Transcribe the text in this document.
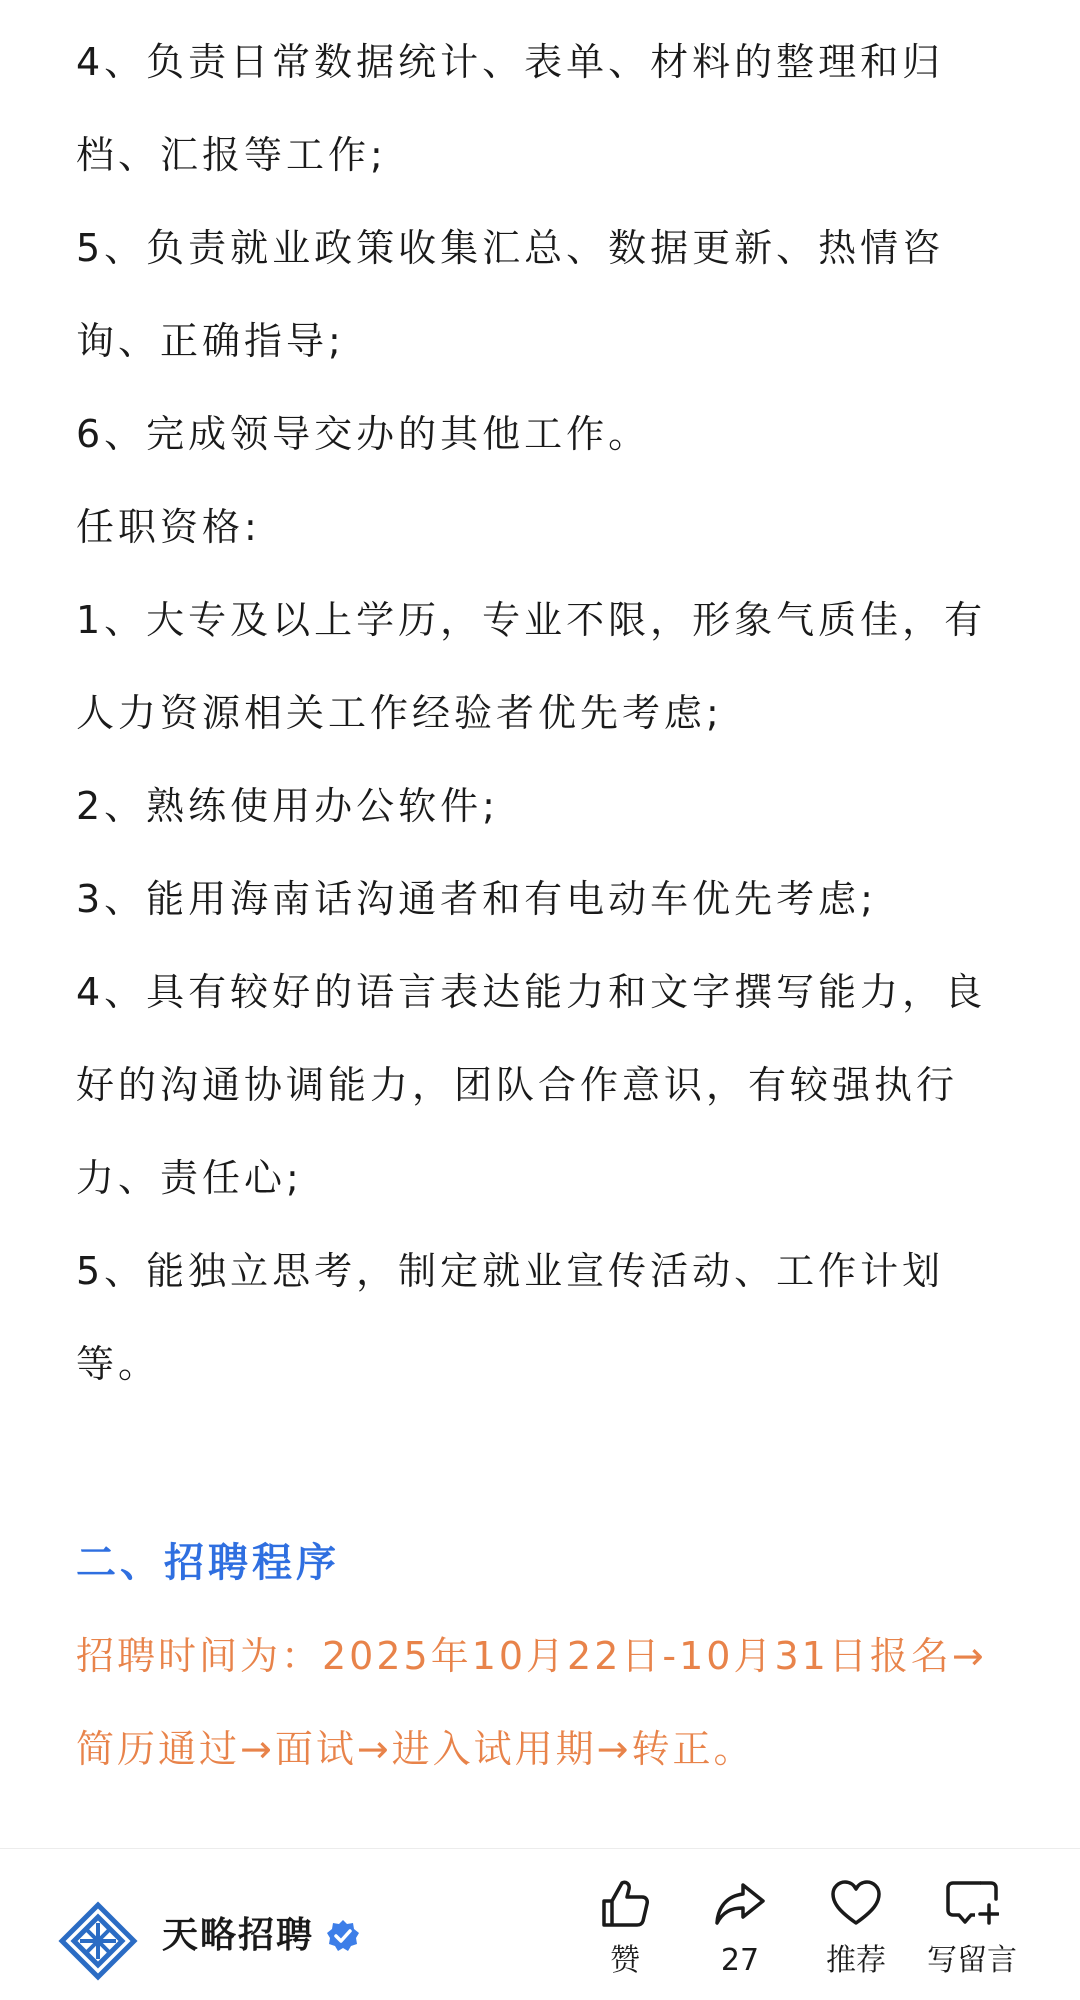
4、负责日常数据统计、表单、材料的整理和归档、汇报等工作;

5、负责就业政策收集汇总、数据更新、热情咨询、正确指导;

6、完成领导交办的其他工作。

任职资格:

1、大专及以上学历，专业不限，形象气质佳，有人力资源相关工作经验者优先考虑;

2、熟练使用办公软件;

3、能用海南话沟通者和有电动车优先考虑;

4、具有较好的语言表达能力和文字撰写能力，良好的沟通协调能力，团队合作意识，有较强执行力、责任心;

5、能独立思考，制定就业宣传活动、工作计划等。

二、招聘程序

招聘时间为：2025年10月22日-10月31日报名→简历通过→面试→进入试用期→转正。

天略招聘
赞	27	推荐	写留言
